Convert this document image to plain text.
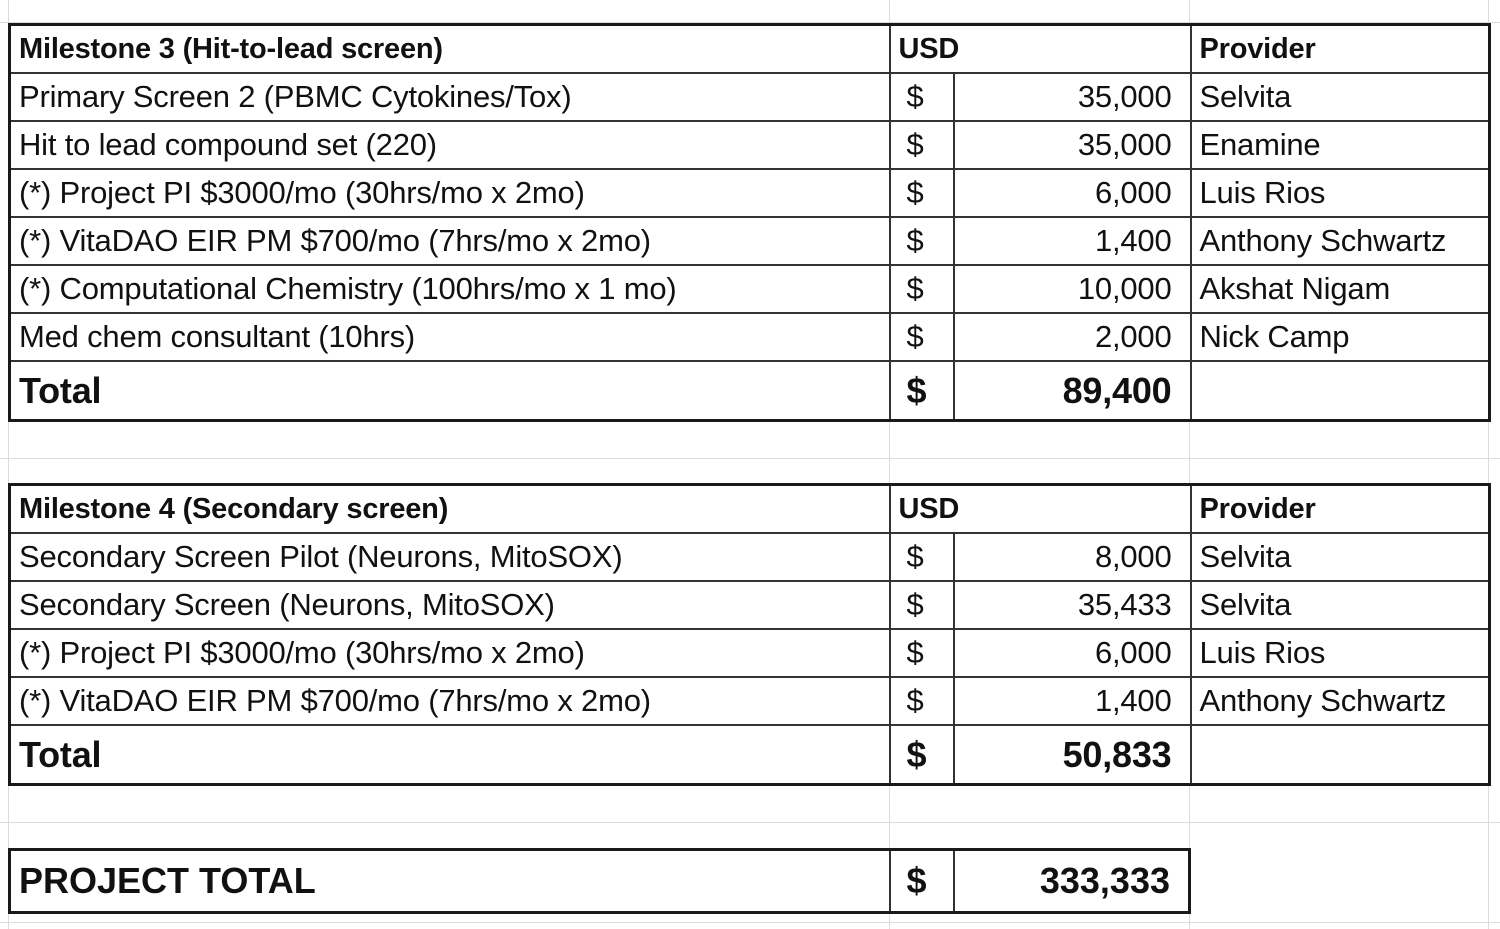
Milestone 3 (Hit-to-lead screen)	USD		Provider
Primary Screen 2 (PBMC Cytokines/Tox)	$	35,000	Selvita
Hit to lead compound set (220)	$	35,000	Enamine
(*) Project PI $3000/mo (30hrs/mo x 2mo)	$	6,000	Luis Rios
(*) VitaDAO EIR PM $700/mo (7hrs/mo x 2mo)	$	1,400	Anthony Schwartz
(*) Computational Chemistry (100hrs/mo x 1 mo)	$	10,000	Akshat Nigam
Med chem consultant (10hrs)	$	2,000	Nick Camp
Total	$	89,400	
Milestone 4 (Secondary screen)	USD		Provider
Secondary Screen Pilot (Neurons, MitoSOX)	$	8,000	Selvita
Secondary Screen (Neurons, MitoSOX)	$	35,433	Selvita
(*) Project PI $3000/mo (30hrs/mo x 2mo)	$	6,000	Luis Rios
(*) VitaDAO EIR PM $700/mo (7hrs/mo x 2mo)	$	1,400	Anthony Schwartz
Total	$	50,833	
PROJECT TOTAL	$	333,333
